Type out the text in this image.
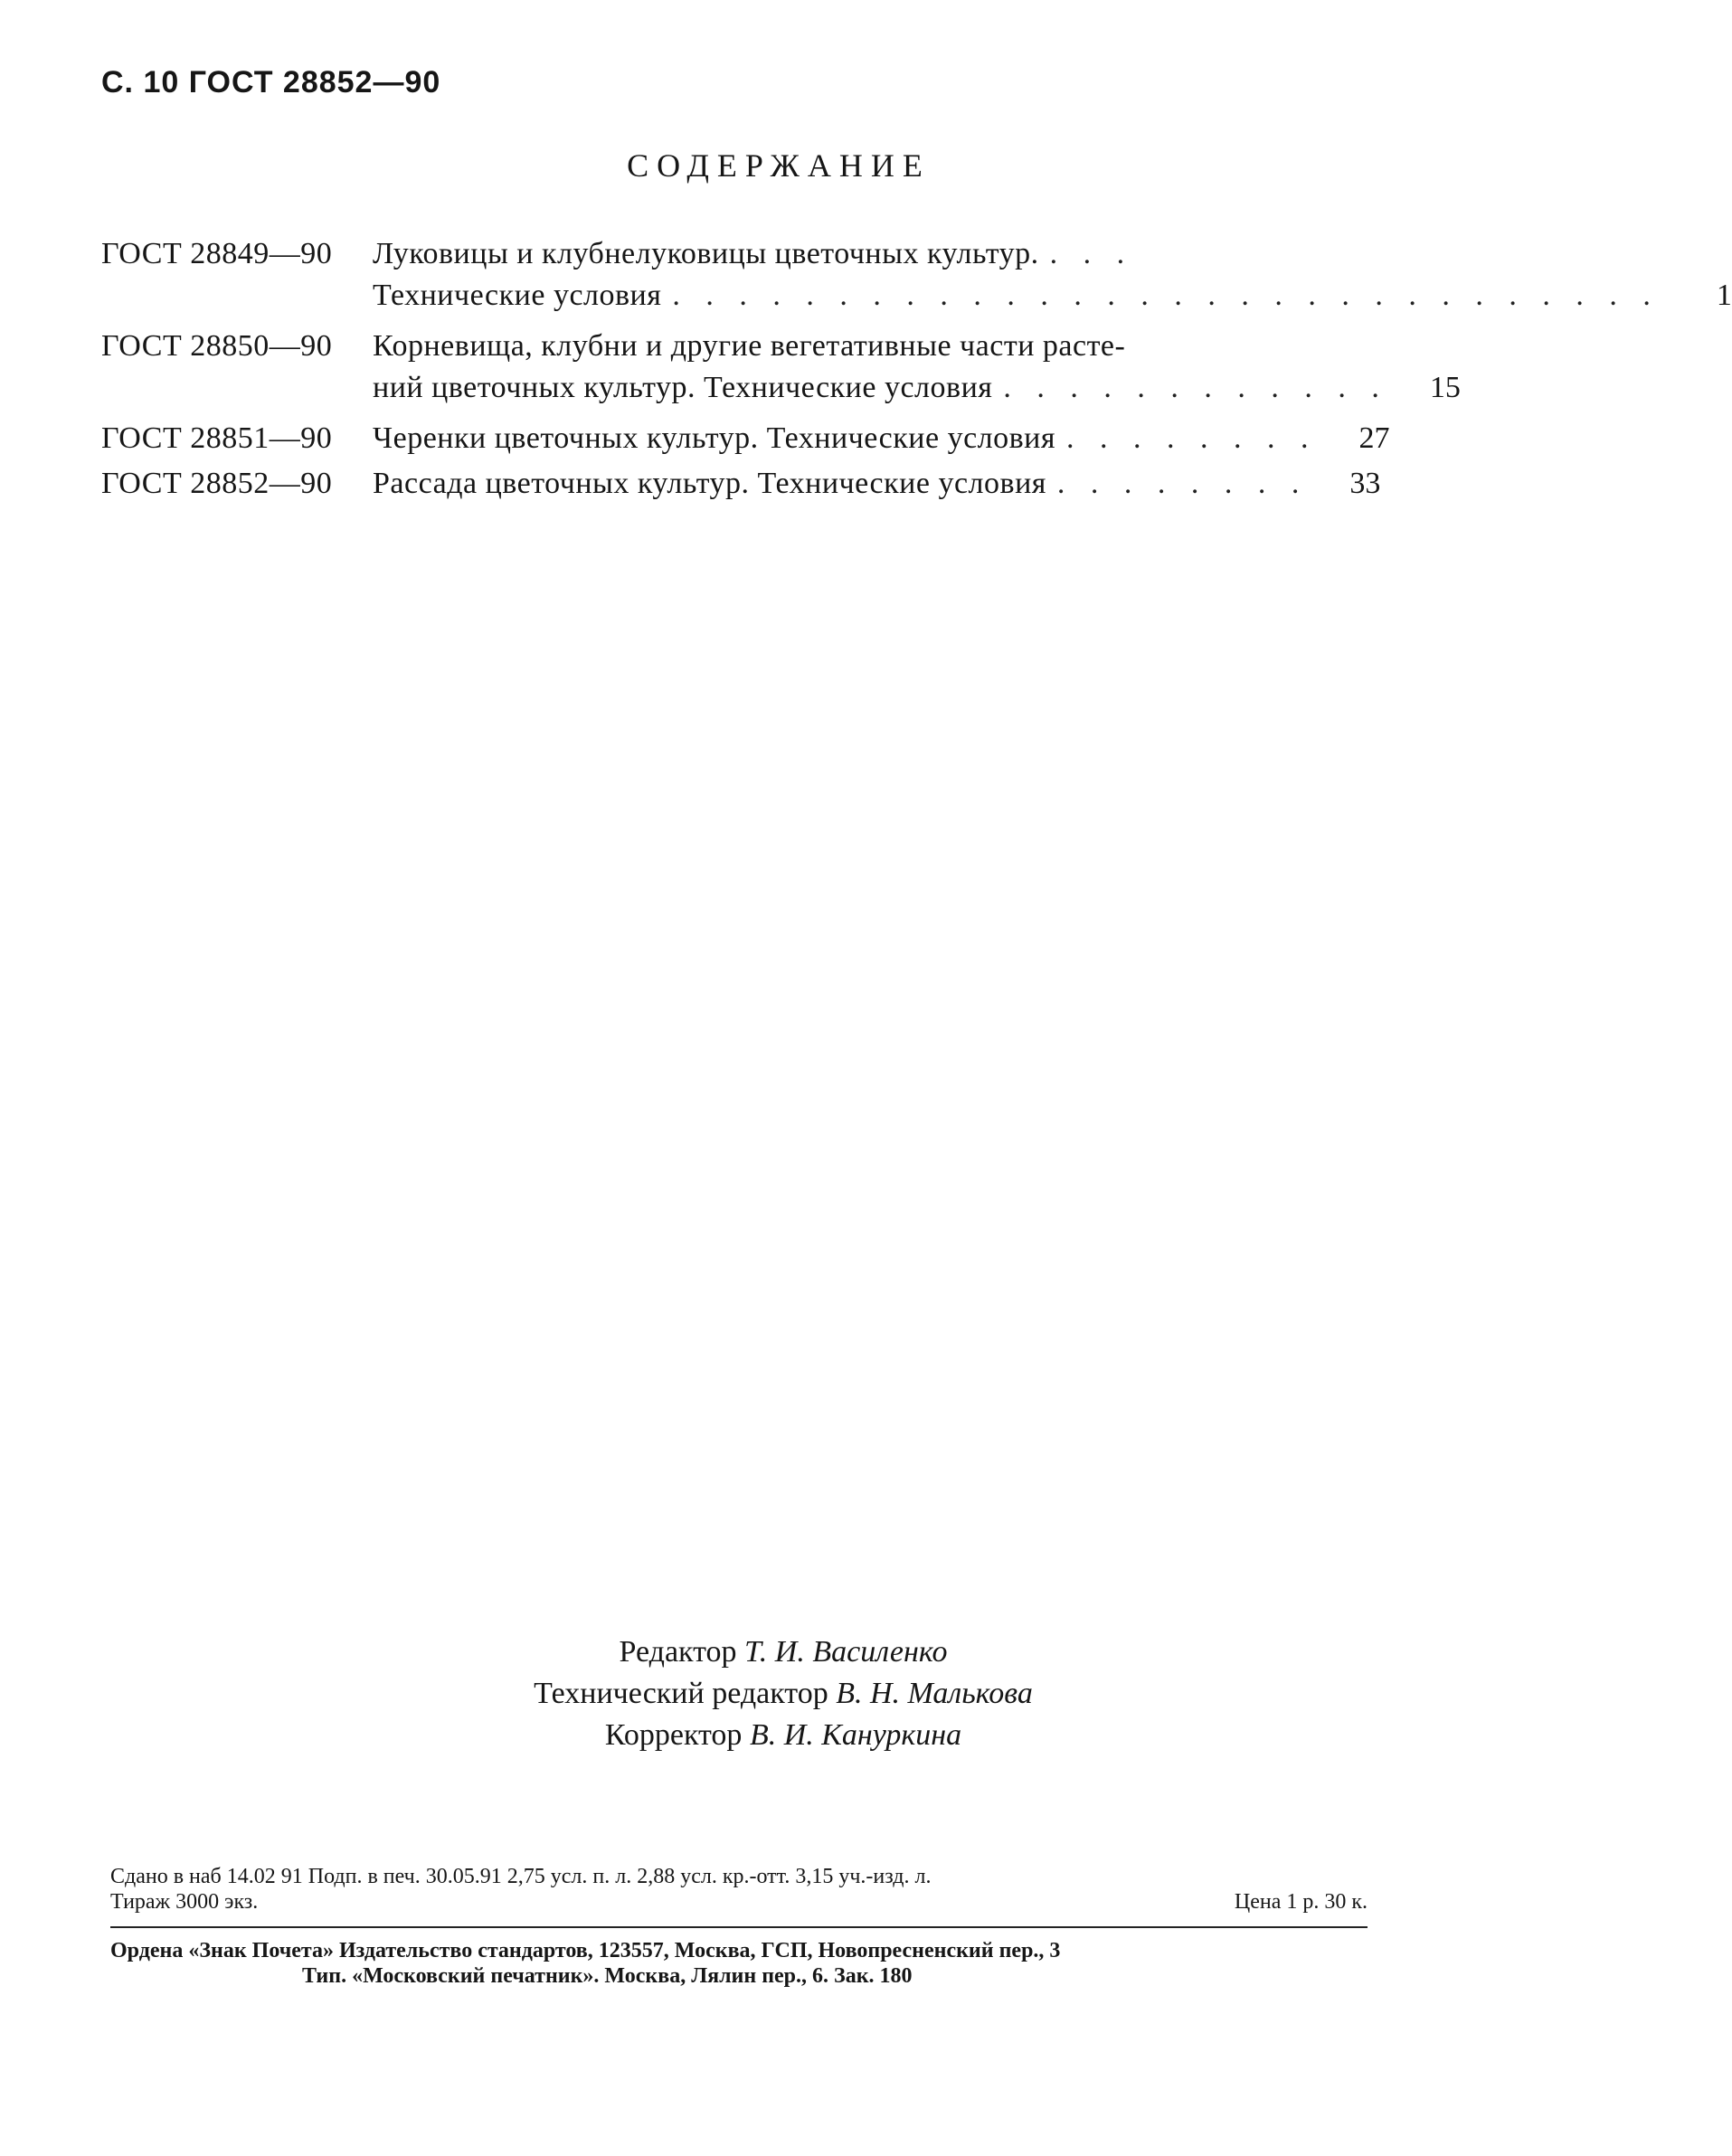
С. 10 ГОСТ 28852—90
СОДЕРЖАНИЕ
ГОСТ 28849—90	Луковицы и клубнелуковицы цветочных культур. . . .
Технические условия . . . . . . . . . . . . . . . . . . . . . . . . . . . . . .	1
ГОСТ 28850—90	Корневища, клубни и другие вегетативные части расте-
ний цветочных культур. Технические условия . . . . . . . . . . . .	15
ГОСТ 28851—90	Черенки цветочных культур. Технические условия . . . . . . . .	27
ГОСТ 28852—90	Рассада цветочных культур. Технические условия . . . . . . . .	33
Редактор Т. И. Василенко
Технический редактор В. Н. Малькова
Корректор В. И. Кануркина
Сдано в наб 14.02 91 Подп. в печ. 30.05.91 2,75 усл. п. л. 2,88 усл. кр.-отт. 3,15 уч.-изд. л.
Тираж 3000 экз.	Цена 1 р. 30 к.
Ордена «Знак Почета» Издательство стандартов, 123557, Москва, ГСП, Новопресненский пер., 3
Тип. «Московский печатник». Москва, Лялин пер., 6. Зак. 180
